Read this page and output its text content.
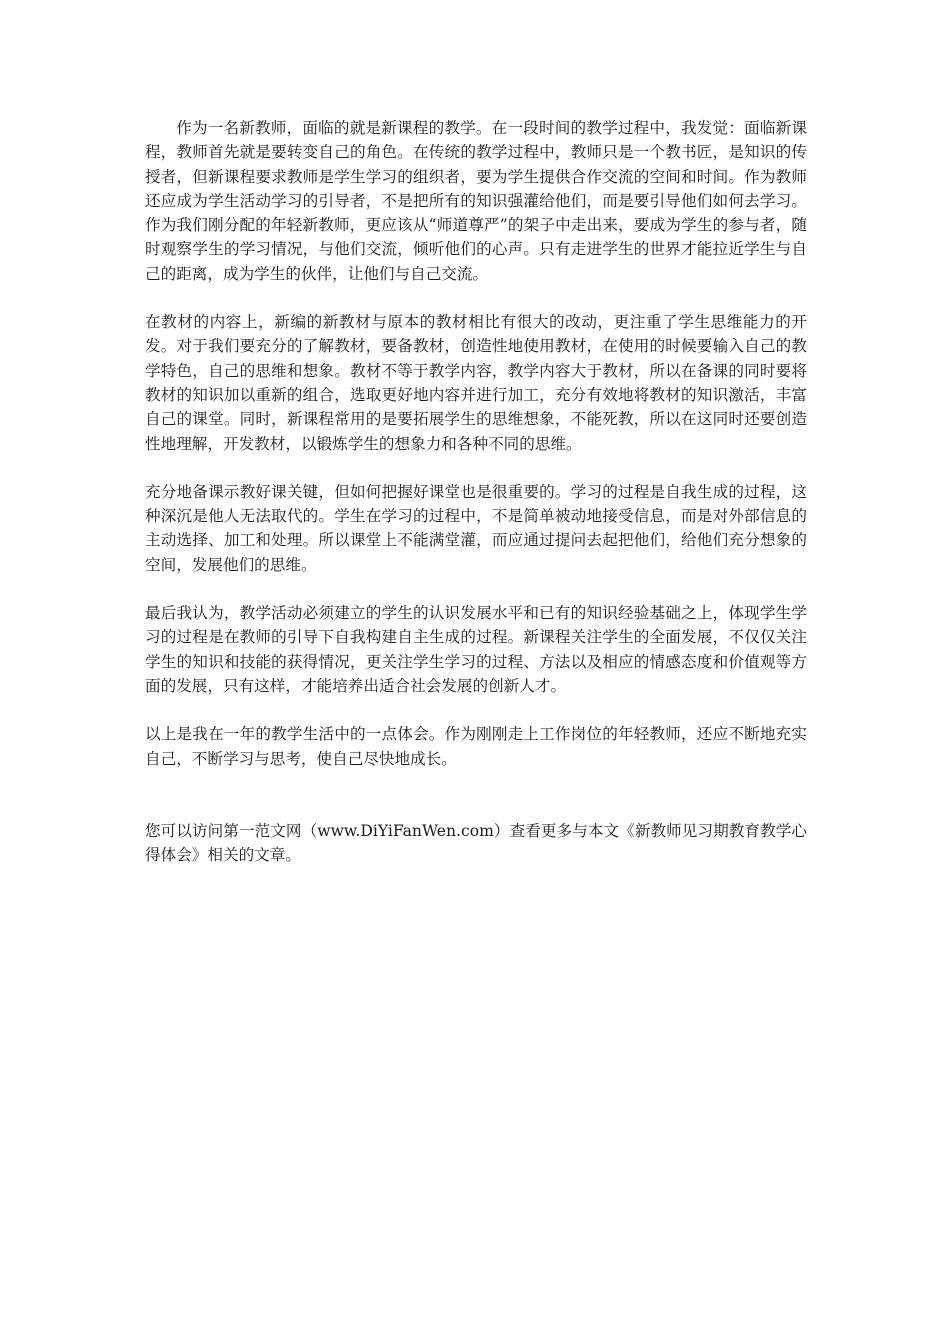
作为一名新教师，面临的就是新课程的教学。在一段时间的教学过程中，我发觉：面临新课程，教师首先就是要转变自己的角色。在传统的教学过程中，教师只是一个教书匠，是知识的传授者，但新课程要求教师是学生学习的组织者，要为学生提供合作交流的空间和时间。作为教师还应成为学生活动学习的引导者，不是把所有的知识强灌给他们，而是要引导他们如何去学习。作为我们刚分配的年轻新教师，更应该从“师道尊严”的架子中走出来，要成为学生的参与者，随时观察学生的学习情况，与他们交流，倾听他们的心声。只有走进学生的世界才能拉近学生与自己的距离，成为学生的伙伴，让他们与自己交流。

在教材的内容上，新编的新教材与原本的教材相比有很大的改动，更注重了学生思维能力的开发。对于我们要充分的了解教材，要备教材，创造性地使用教材，在使用的时候要输入自己的教学特色，自己的思维和想象。教材不等于教学内容，教学内容大于教材，所以在备课的同时要将教材的知识加以重新的组合，选取更好地内容并进行加工，充分有效地将教材的知识激活，丰富自己的课堂。同时，新课程常用的是要拓展学生的思维想象，不能死教，所以在这同时还要创造性地理解，开发教材，以锻炼学生的想象力和各种不同的思维。

充分地备课示教好课关键，但如何把握好课堂也是很重要的。学习的过程是自我生成的过程，这种深沉是他人无法取代的。学生在学习的过程中，不是简单被动地接受信息，而是对外部信息的主动选择、加工和处理。所以课堂上不能满堂灌，而应通过提问去起把他们，给他们充分想象的空间，发展他们的思维。

最后我认为，教学活动必须建立的学生的认识发展水平和已有的知识经验基础之上，体现学生学习的过程是在教师的引导下自我构建自主生成的过程。新课程关注学生的全面发展，不仅仅关注学生的知识和技能的获得情况，更关注学生学习的过程、方法以及相应的情感态度和价值观等方面的发展，只有这样，才能培养出适合社会发展的创新人才。

以上是我在一年的教学生活中的一点体会。作为刚刚走上工作岗位的年轻教师，还应不断地充实自己，不断学习与思考，使自己尽快地成长。

您可以访问第一范文网（www.DiYiFanWen.com）查看更多与本文《新教师见习期教育教学心得体会》相关的文章。
